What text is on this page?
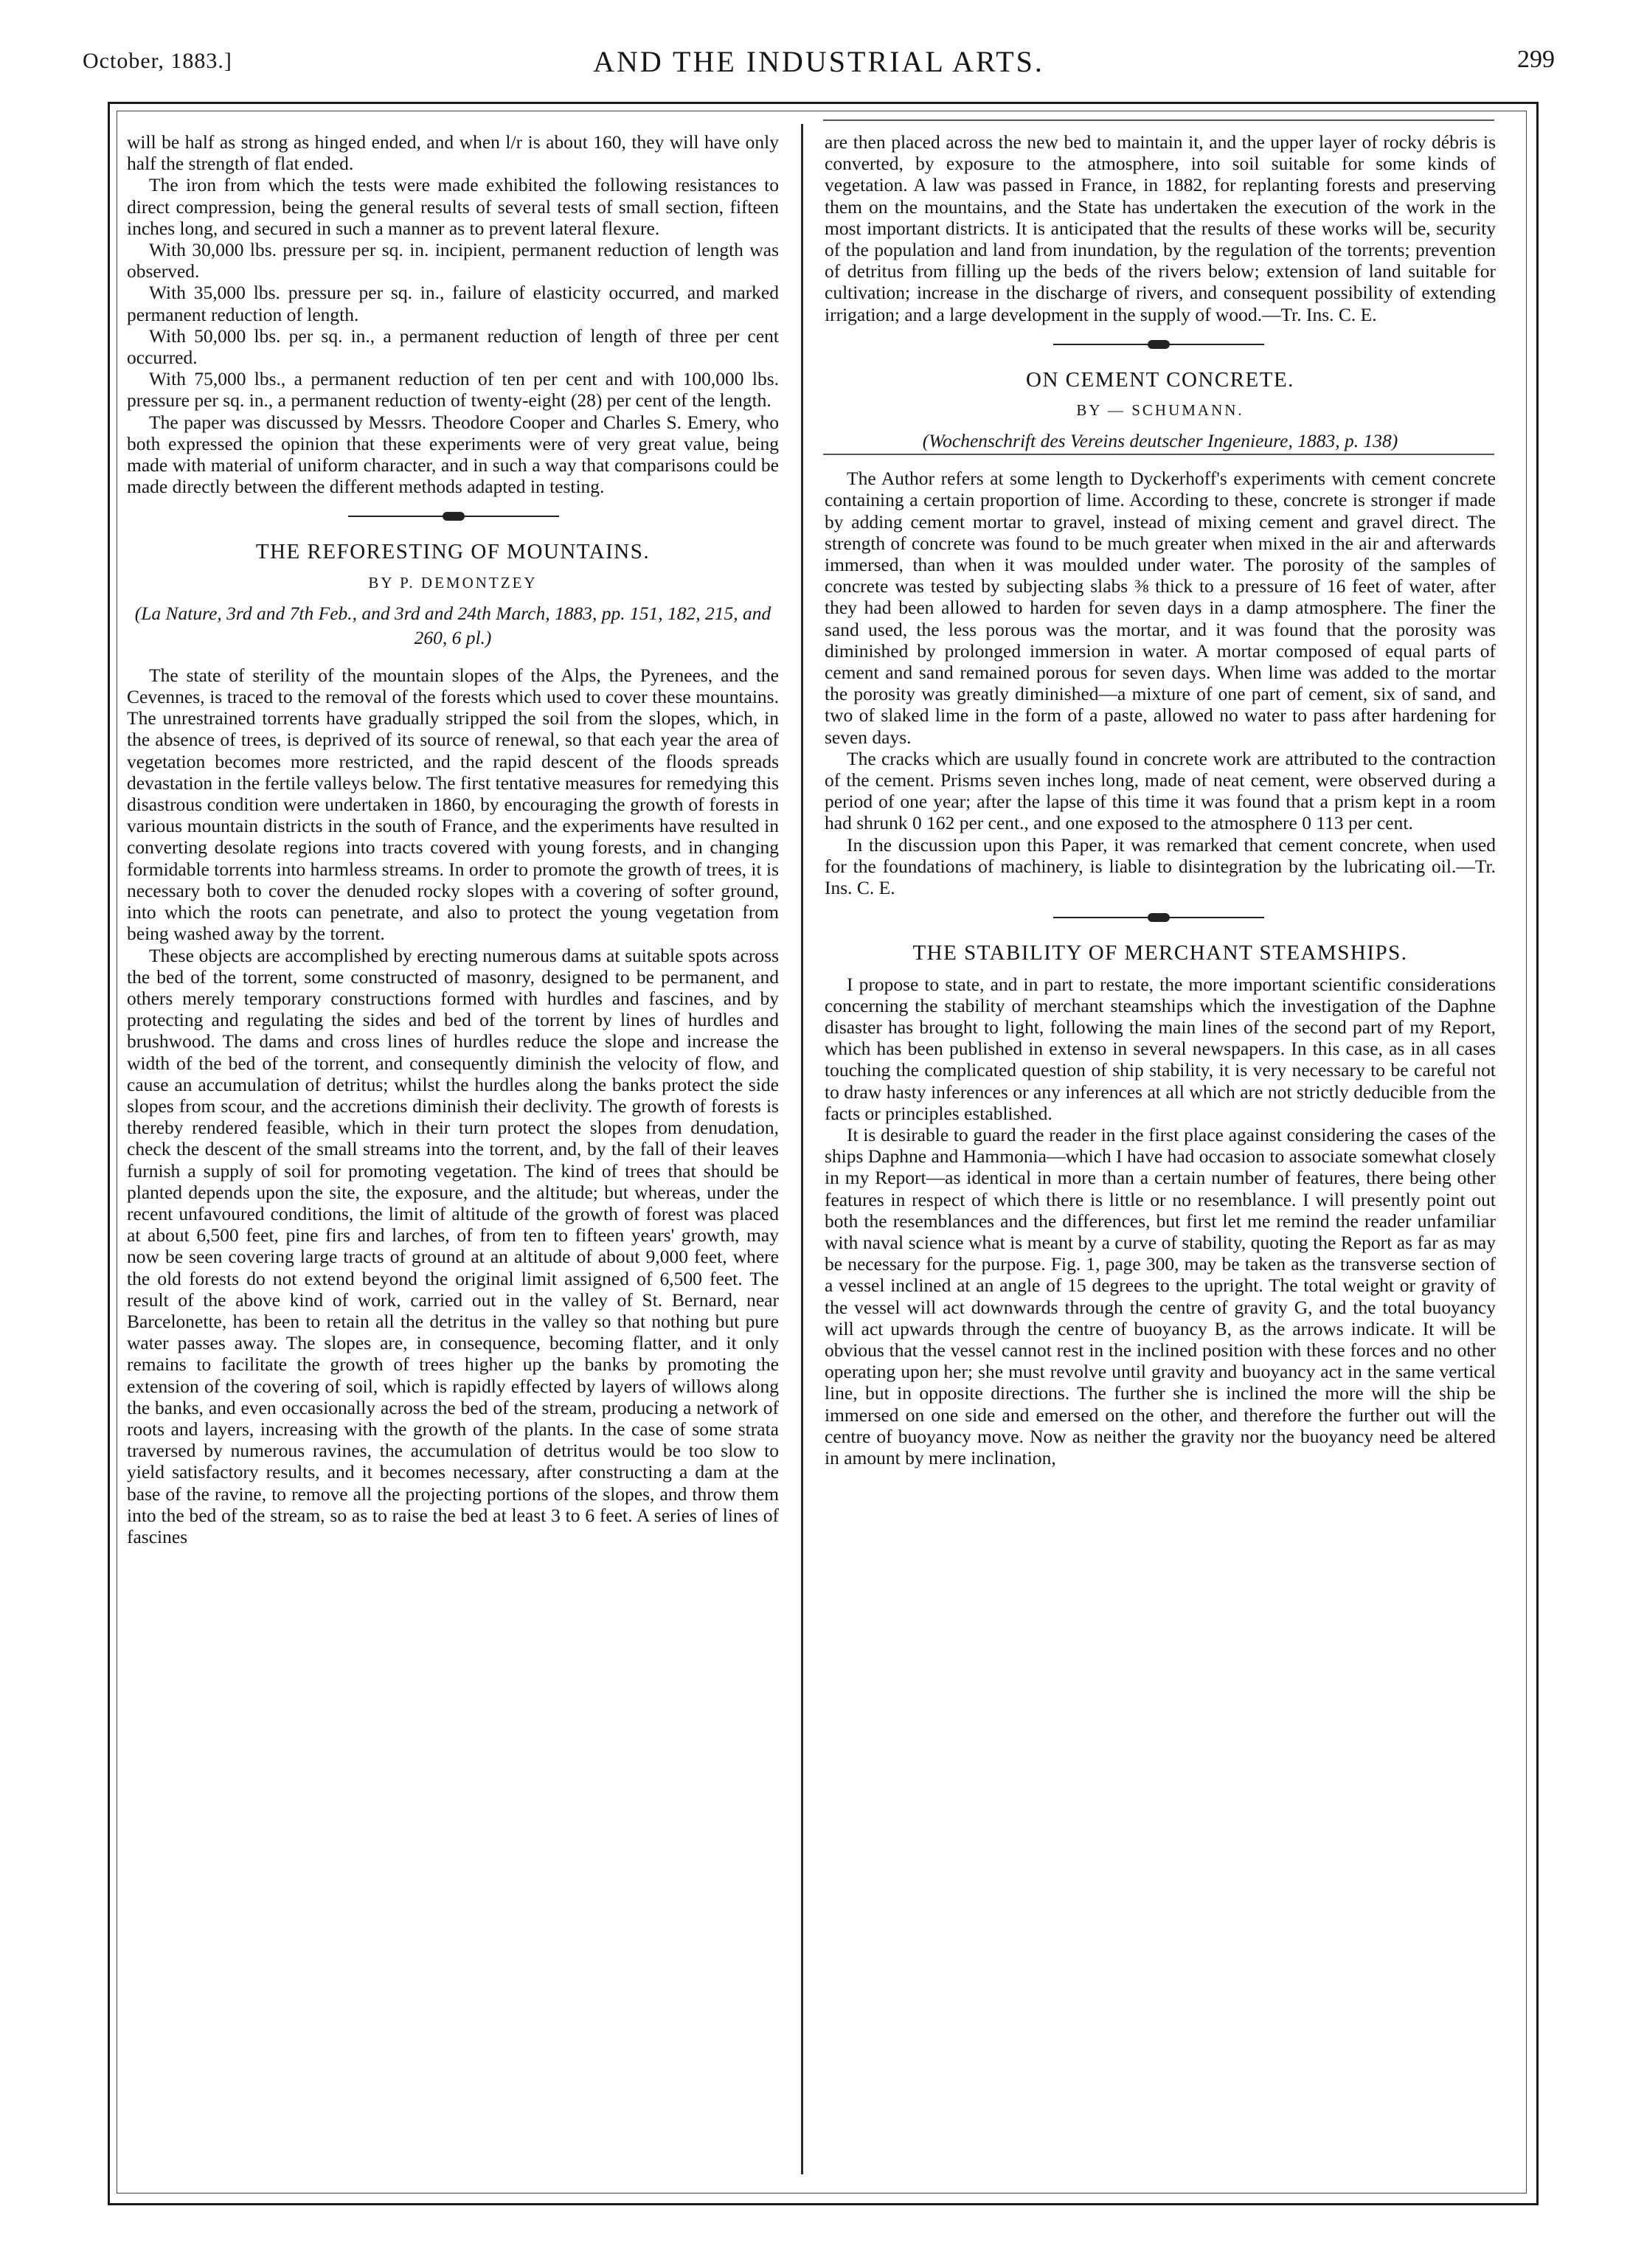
October, 1883.]	AND THE INDUSTRIAL ARTS.	299

will be half as strong as hinged ended, and when l/r is about 160, they will have only half the strength of flat ended.

The iron from which the tests were made exhibited the following resistances to direct compression, being the general results of several tests of small section, fifteen inches long, and secured in such a manner as to prevent lateral flexure.

With 30,000 lbs. pressure per sq. in. incipient, permanent reduction of length was observed.

With 35,000 lbs. pressure per sq. in., failure of elasticity occurred, and marked permanent reduction of length.

With 50,000 lbs. per sq. in., a permanent reduction of length of three per cent occurred.

With 75,000 lbs., a permanent reduction of ten per cent and with 100,000 lbs. pressure per sq. in., a permanent reduction of twenty-eight (28) per cent of the length.

The paper was discussed by Messrs. Theodore Cooper and Charles S. Emery, who both expressed the opinion that these experiments were of very great value, being made with material of uniform character, and in such a way that comparisons could be made directly between the different methods adapted in testing.

THE REFORESTING OF MOUNTAINS.
BY P. DEMONTZEY
(La Nature, 3rd and 7th Feb., and 3rd and 24th March, 1883, pp. 151, 182, 215, and 260, 6 pl.)

The state of sterility of the mountain slopes of the Alps, the Pyrenees, and the Cevennes, is traced to the removal of the forests which used to cover these mountains. The unrestrained torrents have gradually stripped the soil from the slopes, which, in the absence of trees, is deprived of its source of renewal, so that each year the area of vegetation becomes more restricted, and the rapid descent of the floods spreads devastation in the fertile valleys below. The first tentative measures for remedying this disastrous condition were undertaken in 1860, by encouraging the growth of forests in various mountain districts in the south of France, and the experiments have resulted in converting desolate regions into tracts covered with young forests, and in changing formidable torrents into harmless streams. In order to promote the growth of trees, it is necessary both to cover the denuded rocky slopes with a covering of softer ground, into which the roots can penetrate, and also to protect the young vegetation from being washed away by the torrent.

These objects are accomplished by erecting numerous dams at suitable spots across the bed of the torrent, some constructed of masonry, designed to be permanent, and others merely temporary constructions formed with hurdles and fascines, and by protecting and regulating the sides and bed of the torrent by lines of hurdles and brushwood. The dams and cross lines of hurdles reduce the slope and increase the width of the bed of the torrent, and consequently diminish the velocity of flow, and cause an accumulation of detritus; whilst the hurdles along the banks protect the side slopes from scour, and the accretions diminish their declivity. The growth of forests is thereby rendered feasible, which in their turn protect the slopes from denudation, check the descent of the small streams into the torrent, and, by the fall of their leaves furnish a supply of soil for promoting vegetation. The kind of trees that should be planted depends upon the site, the exposure, and the altitude; but whereas, under the recent unfavoured conditions, the limit of altitude of the growth of forest was placed at about 6,500 feet, pine firs and larches, of from ten to fifteen years' growth, may now be seen covering large tracts of ground at an altitude of about 9,000 feet, where the old forests do not extend beyond the original limit assigned of 6,500 feet. The result of the above kind of work, carried out in the valley of St. Bernard, near Barcelonette, has been to retain all the detritus in the valley so that nothing but pure water passes away. The slopes are, in consequence, becoming flatter, and it only remains to facilitate the growth of trees higher up the banks by promoting the extension of the covering of soil, which is rapidly effected by layers of willows along the banks, and even occasionally across the bed of the stream, producing a network of roots and layers, increasing with the growth of the plants. In the case of some strata traversed by numerous ravines, the accumulation of detritus would be too slow to yield satisfactory results, and it becomes necessary, after constructing a dam at the base of the ravine, to remove all the projecting portions of the slopes, and throw them into the bed of the stream, so as to raise the bed at least 3 to 6 feet. A series of lines of fascines

are then placed across the new bed to maintain it, and the upper layer of rocky débris is converted, by exposure to the atmosphere, into soil suitable for some kinds of vegetation. A law was passed in France, in 1882, for replanting forests and preserving them on the mountains, and the State has undertaken the execution of the work in the most important districts. It is anticipated that the results of these works will be, security of the population and land from inundation, by the regulation of the torrents; prevention of detritus from filling up the beds of the rivers below; extension of land suitable for cultivation; increase in the discharge of rivers, and consequent possibility of extending irrigation; and a large development in the supply of wood.—Tr. Ins. C. E.

ON CEMENT CONCRETE.
BY — SCHUMANN.
(Wochenschrift des Vereins deutscher Ingenieure, 1883, p. 138)

The Author refers at some length to Dyckerhoff's experiments with cement concrete containing a certain proportion of lime. According to these, concrete is stronger if made by adding cement mortar to gravel, instead of mixing cement and gravel direct. The strength of concrete was found to be much greater when mixed in the air and afterwards immersed, than when it was moulded under water. The porosity of the samples of concrete was tested by subjecting slabs ⅜ thick to a pressure of 16 feet of water, after they had been allowed to harden for seven days in a damp atmosphere. The finer the sand used, the less porous was the mortar, and it was found that the porosity was diminished by prolonged immersion in water. A mortar composed of equal parts of cement and sand remained porous for seven days. When lime was added to the mortar the porosity was greatly diminished—a mixture of one part of cement, six of sand, and two of slaked lime in the form of a paste, allowed no water to pass after hardening for seven days.

The cracks which are usually found in concrete work are attributed to the contraction of the cement. Prisms seven inches long, made of neat cement, were observed during a period of one year; after the lapse of this time it was found that a prism kept in a room had shrunk 0 162 per cent., and one exposed to the atmosphere 0 113 per cent.

In the discussion upon this Paper, it was remarked that cement concrete, when used for the foundations of machinery, is liable to disintegration by the lubricating oil.—Tr. Ins. C. E.

THE STABILITY OF MERCHANT STEAMSHIPS.

I propose to state, and in part to restate, the more important scientific considerations concerning the stability of merchant steamships which the investigation of the Daphne disaster has brought to light, following the main lines of the second part of my Report, which has been published in extenso in several newspapers. In this case, as in all cases touching the complicated question of ship stability, it is very necessary to be careful not to draw hasty inferences or any inferences at all which are not strictly deducible from the facts or principles established.

It is desirable to guard the reader in the first place against considering the cases of the ships Daphne and Hammonia—which I have had occasion to associate somewhat closely in my Report—as identical in more than a certain number of features, there being other features in respect of which there is little or no resemblance. I will presently point out both the resemblances and the differences, but first let me remind the reader unfamiliar with naval science what is meant by a curve of stability, quoting the Report as far as may be necessary for the purpose. Fig. 1, page 300, may be taken as the transverse section of a vessel inclined at an angle of 15 degrees to the upright. The total weight or gravity of the vessel will act downwards through the centre of gravity G, and the total buoyancy will act upwards through the centre of buoyancy B, as the arrows indicate. It will be obvious that the vessel cannot rest in the inclined position with these forces and no other operating upon her; she must revolve until gravity and buoyancy act in the same vertical line, but in opposite directions. The further she is inclined the more will the ship be immersed on one side and emersed on the other, and therefore the further out will the centre of buoyancy move. Now as neither the gravity nor the buoyancy need be altered in amount by mere inclination,
